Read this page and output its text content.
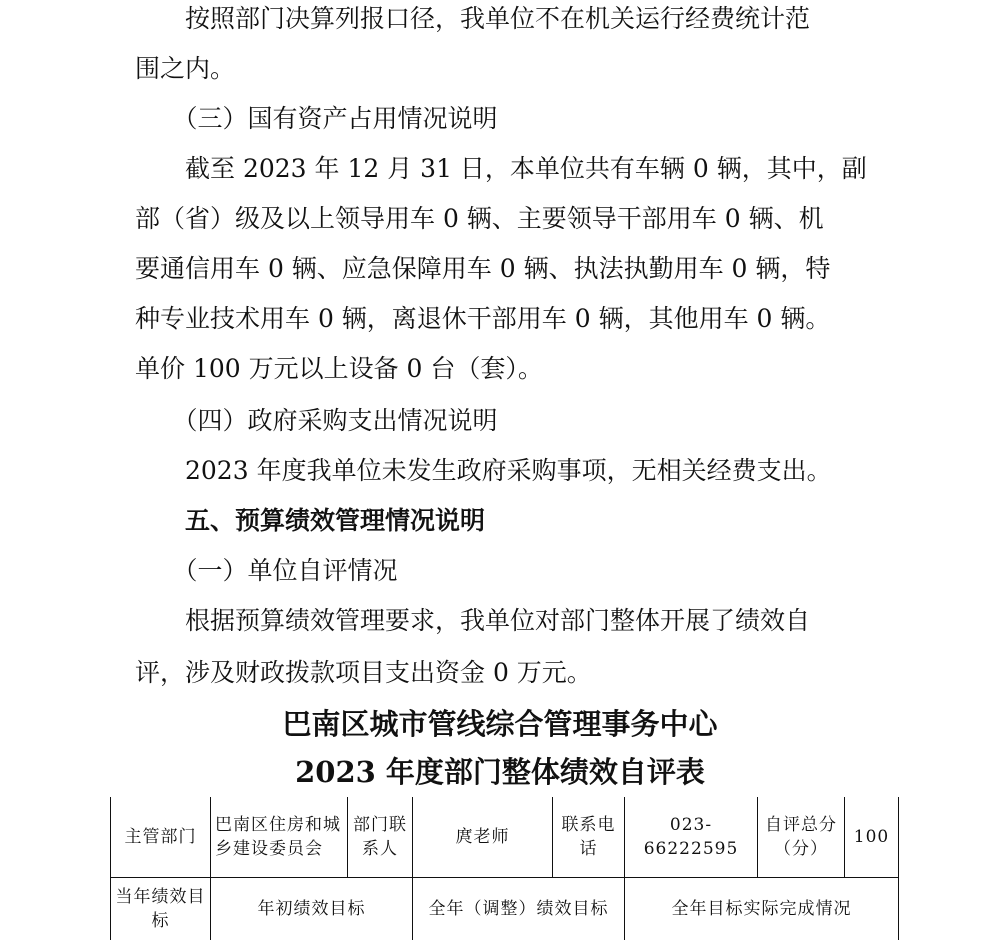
　　按照部门决算列报口径，我单位不在机关运行经费统计范

围之内。

　　（三）国有资产占用情况说明

　　截至 2023 年 12 月 31 日，本单位共有车辆 0 辆，其中，副

部（省）级及以上领导用车 0 辆、主要领导干部用车 0 辆、机

要通信用车 0 辆、应急保障用车 0 辆、执法执勤用车 0 辆，特

种专业技术用车 0 辆，离退休干部用车 0 辆，其他用车 0 辆。

单价 100 万元以上设备 0 台（套）。

　　（四）政府采购支出情况说明

　　2023 年度我单位未发生政府采购事项，无相关经费支出。

　　五、预算绩效管理情况说明

　　（一）单位自评情况

　　根据预算绩效管理要求，我单位对部门整体开展了绩效自

评，涉及财政拨款项目支出资金 0 万元。

巴南区城市管线综合管理事务中心

2023 年度部门整体绩效自评表

主管部门	巴南区住房和城乡建设委员会	部门联系人	庹老师	联系电话	023-66222595	自评总分（分）	100
当年绩效目标	年初绩效目标		全年（调整）绩效目标		全年目标实际完成情况		
